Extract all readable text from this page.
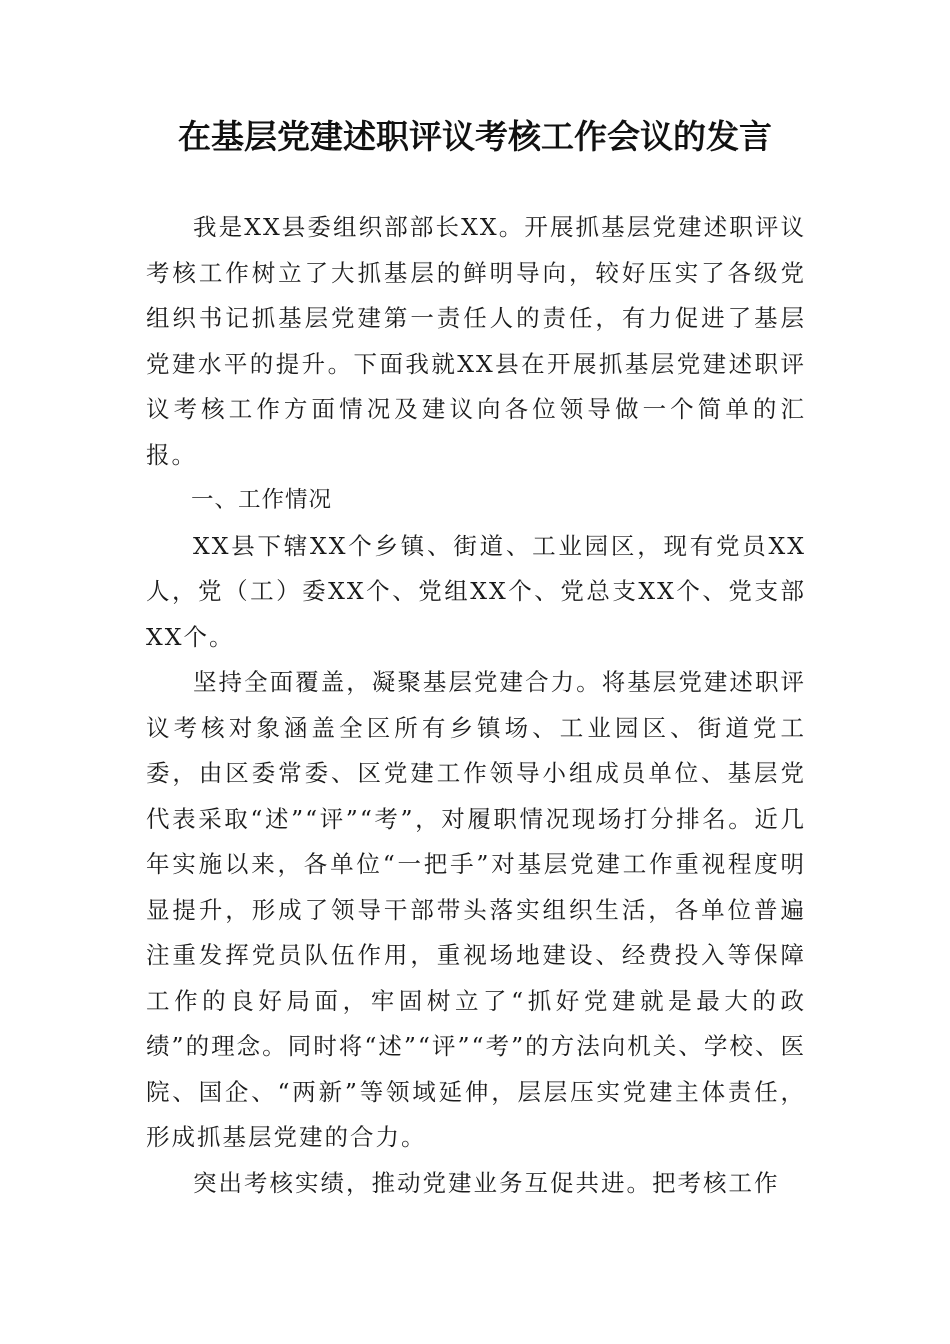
在基层党建述职评议考核工作会议的发言

我是XX县委组织部部长XX。开展抓基层党建述职评议考核工作树立了大抓基层的鲜明导向，较好压实了各级党组织书记抓基层党建第一责任人的责任，有力促进了基层党建水平的提升。下面我就XX县在开展抓基层党建述职评议考核工作方面情况及建议向各位领导做一个简单的汇报。

一、工作情况

XX县下辖XX个乡镇、街道、工业园区，现有党员XX人，党（工）委XX个、党组XX个、党总支XX个、党支部XX个。

坚持全面覆盖，凝聚基层党建合力。将基层党建述职评议考核对象涵盖全区所有乡镇场、工业园区、街道党工委，由区委常委、区党建工作领导小组成员单位、基层党代表采取“述”“评”“考”，对履职情况现场打分排名。近几年实施以来，各单位“一把手”对基层党建工作重视程度明显提升，形成了领导干部带头落实组织生活，各单位普遍注重发挥党员队伍作用，重视场地建设、经费投入等保障工作的良好局面，牢固树立了“抓好党建就是最大的政绩”的理念。同时将“述”“评”“考”的方法向机关、学校、医院、国企、“两新”等领域延伸，层层压实党建主体责任，形成抓基层党建的合力。

突出考核实绩，推动党建业务互促共进。把考核工作
